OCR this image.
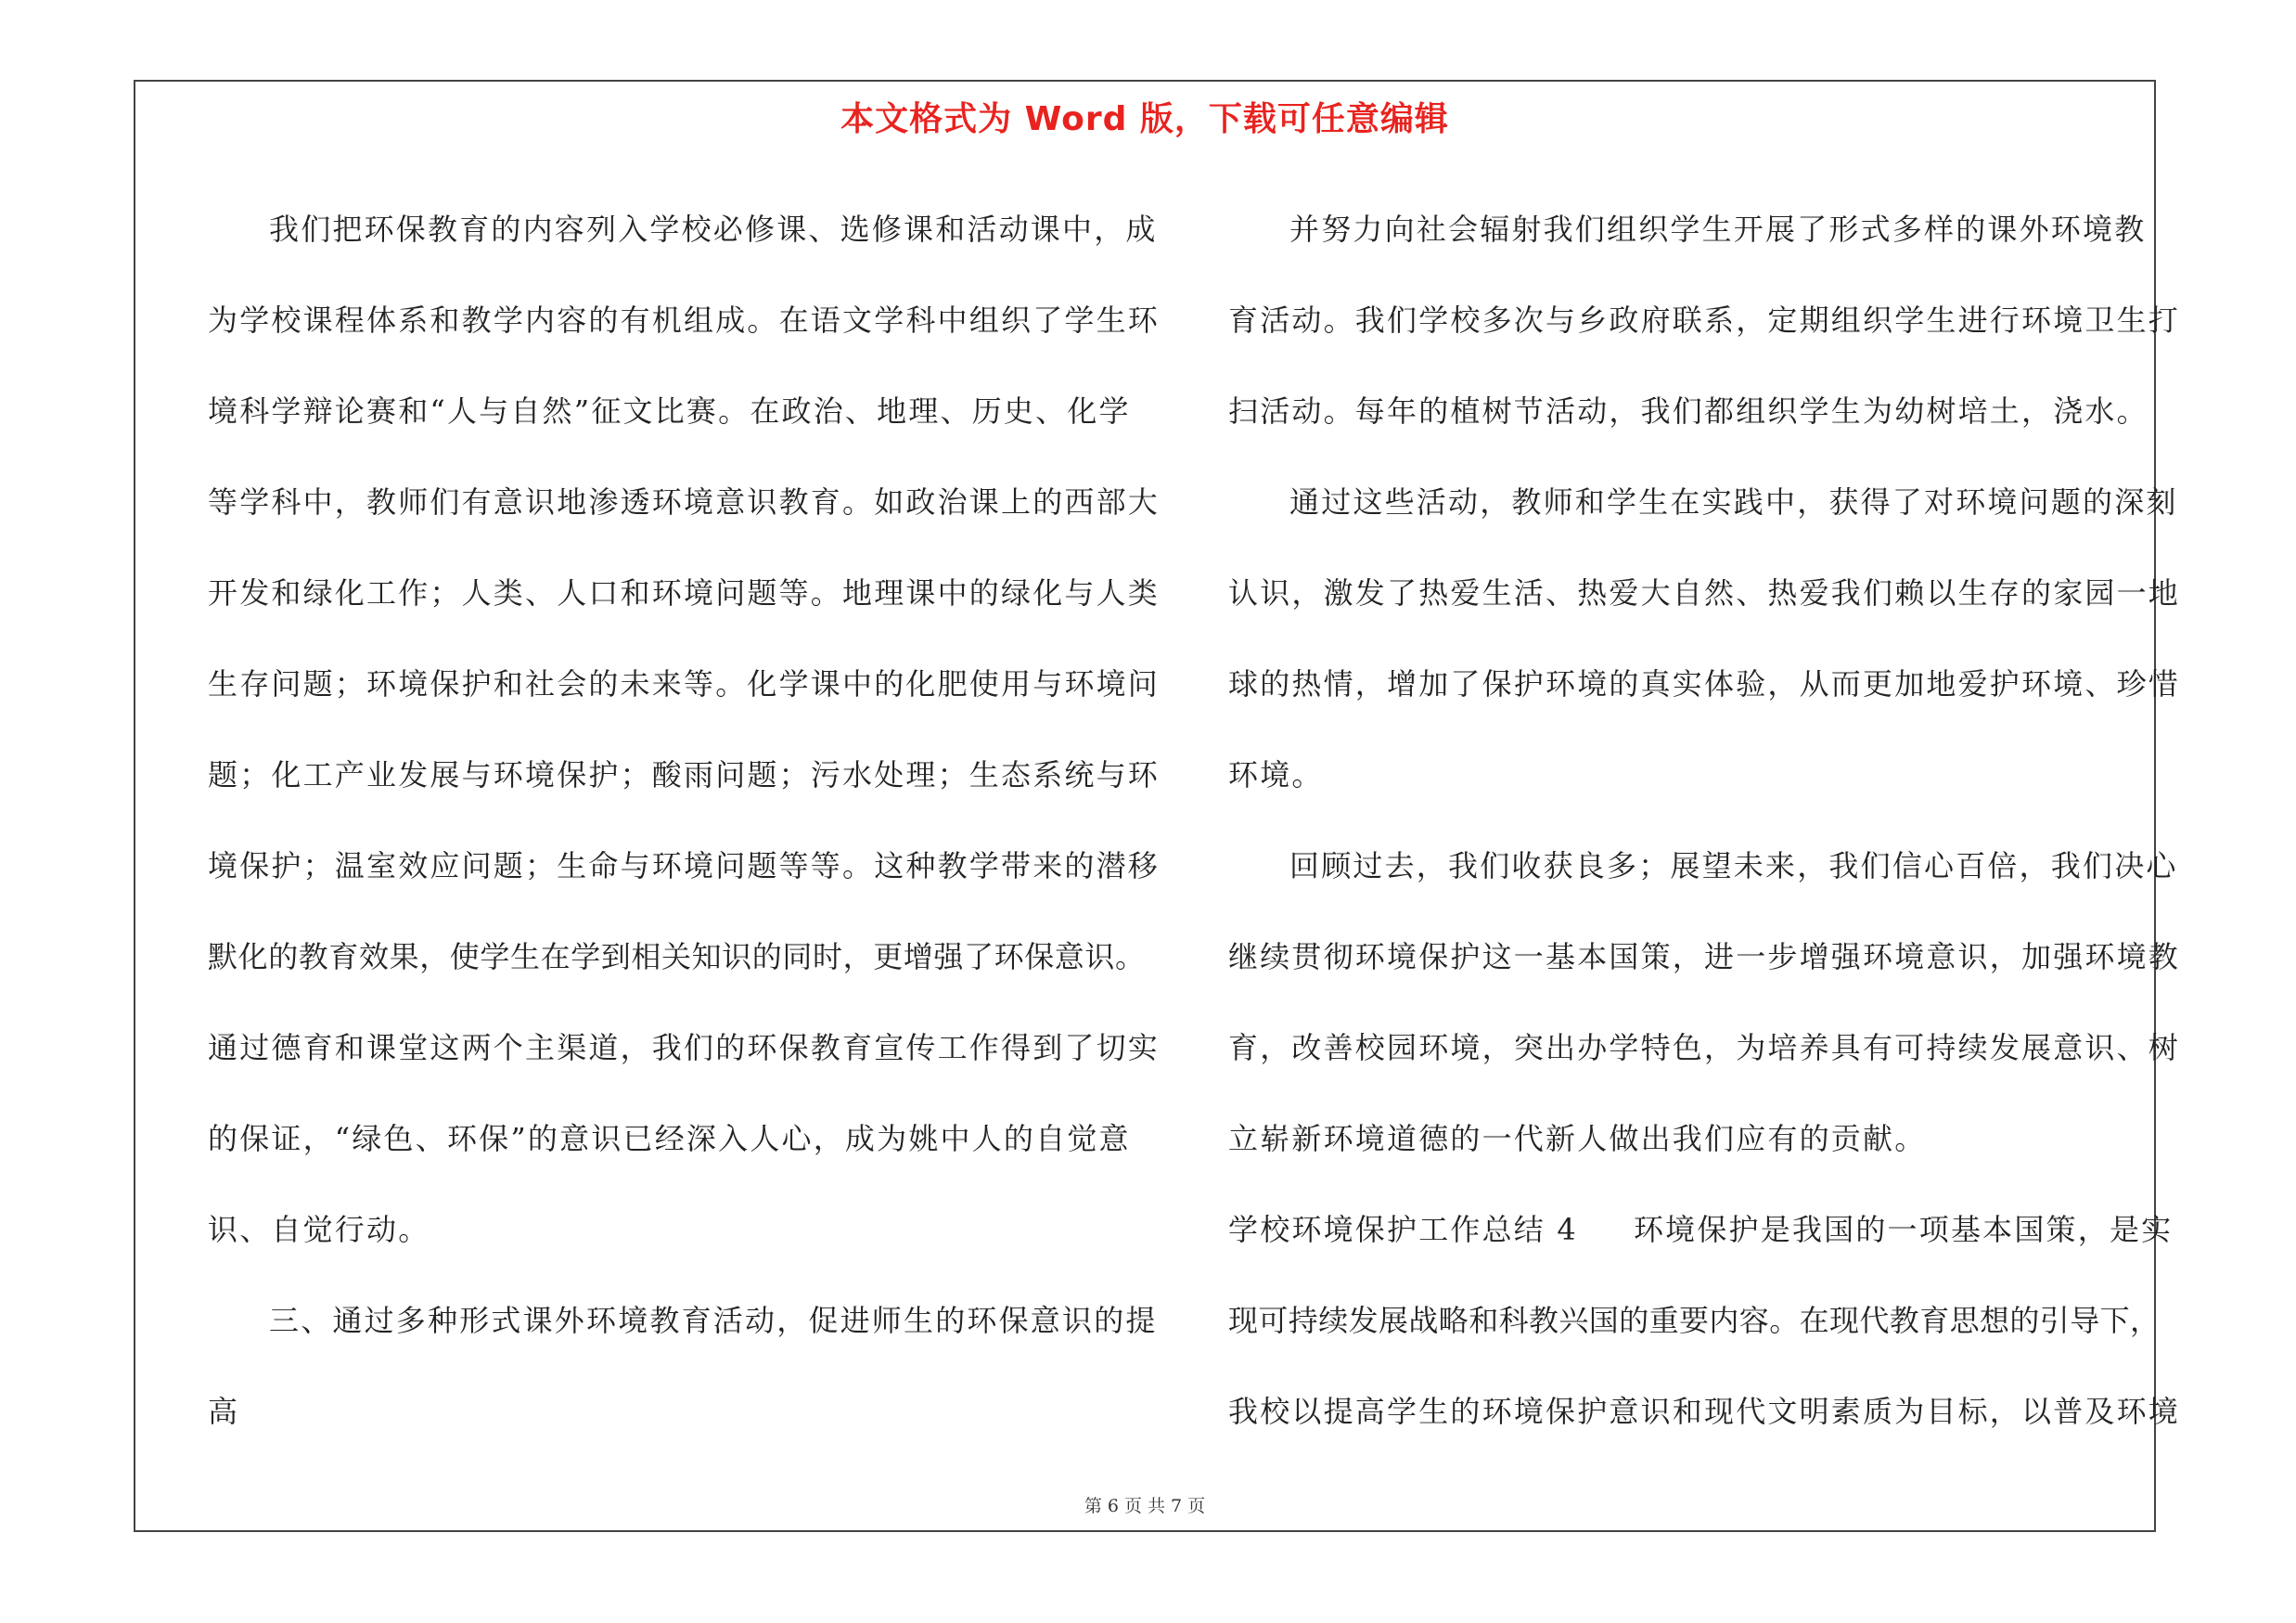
本文格式为 Word 版，下载可任意编辑
我们把环保教育的内容列入学校必修课、选修课和活动课中，成
为学校课程体系和教学内容的有机组成。在语文学科中组织了学生环
境科学辩论赛和“人与自然”征文比赛。在政治、地理、历史、化学
等学科中，教师们有意识地渗透环境意识教育。如政治课上的西部大
开发和绿化工作；人类、人口和环境问题等。地理课中的绿化与人类
生存问题；环境保护和社会的未来等。化学课中的化肥使用与环境问
题；化工产业发展与环境保护；酸雨问题；污水处理；生态系统与环
境保护；温室效应问题；生命与环境问题等等。这种教学带来的潜移
默化的教育效果，使学生在学到相关知识的同时，更增强了环保意识。
通过德育和课堂这两个主渠道，我们的环保教育宣传工作得到了切实
的保证，“绿色、环保”的意识已经深入人心，成为姚中人的自觉意
识、自觉行动。
三、通过多种形式课外环境教育活动，促进师生的环保意识的提
高
并努力向社会辐射我们组织学生开展了形式多样的课外环境教
育活动。我们学校多次与乡政府联系，定期组织学生进行环境卫生打
扫活动。每年的植树节活动，我们都组织学生为幼树培土，浇水。
通过这些活动，教师和学生在实践中，获得了对环境问题的深刻
认识，激发了热爱生活、热爱大自然、热爱我们赖以生存的家园一地
球的热情，增加了保护环境的真实体验，从而更加地爱护环境、珍惜
环境。
回顾过去，我们收获良多；展望未来，我们信心百倍，我们决心
继续贯彻环境保护这一基本国策，进一步增强环境意识，加强环境教
育，改善校园环境，突出办学特色，为培养具有可持续发展意识、树
立崭新环境道德的一代新人做出我们应有的贡献。
学校环境保护工作总结 4 环境保护是我国的一项基本国策，是实
现可持续发展战略和科教兴国的重要内容。在现代教育思想的引导下，
我校以提高学生的环境保护意识和现代文明素质为目标，以普及环境
第 6 页 共 7 页
